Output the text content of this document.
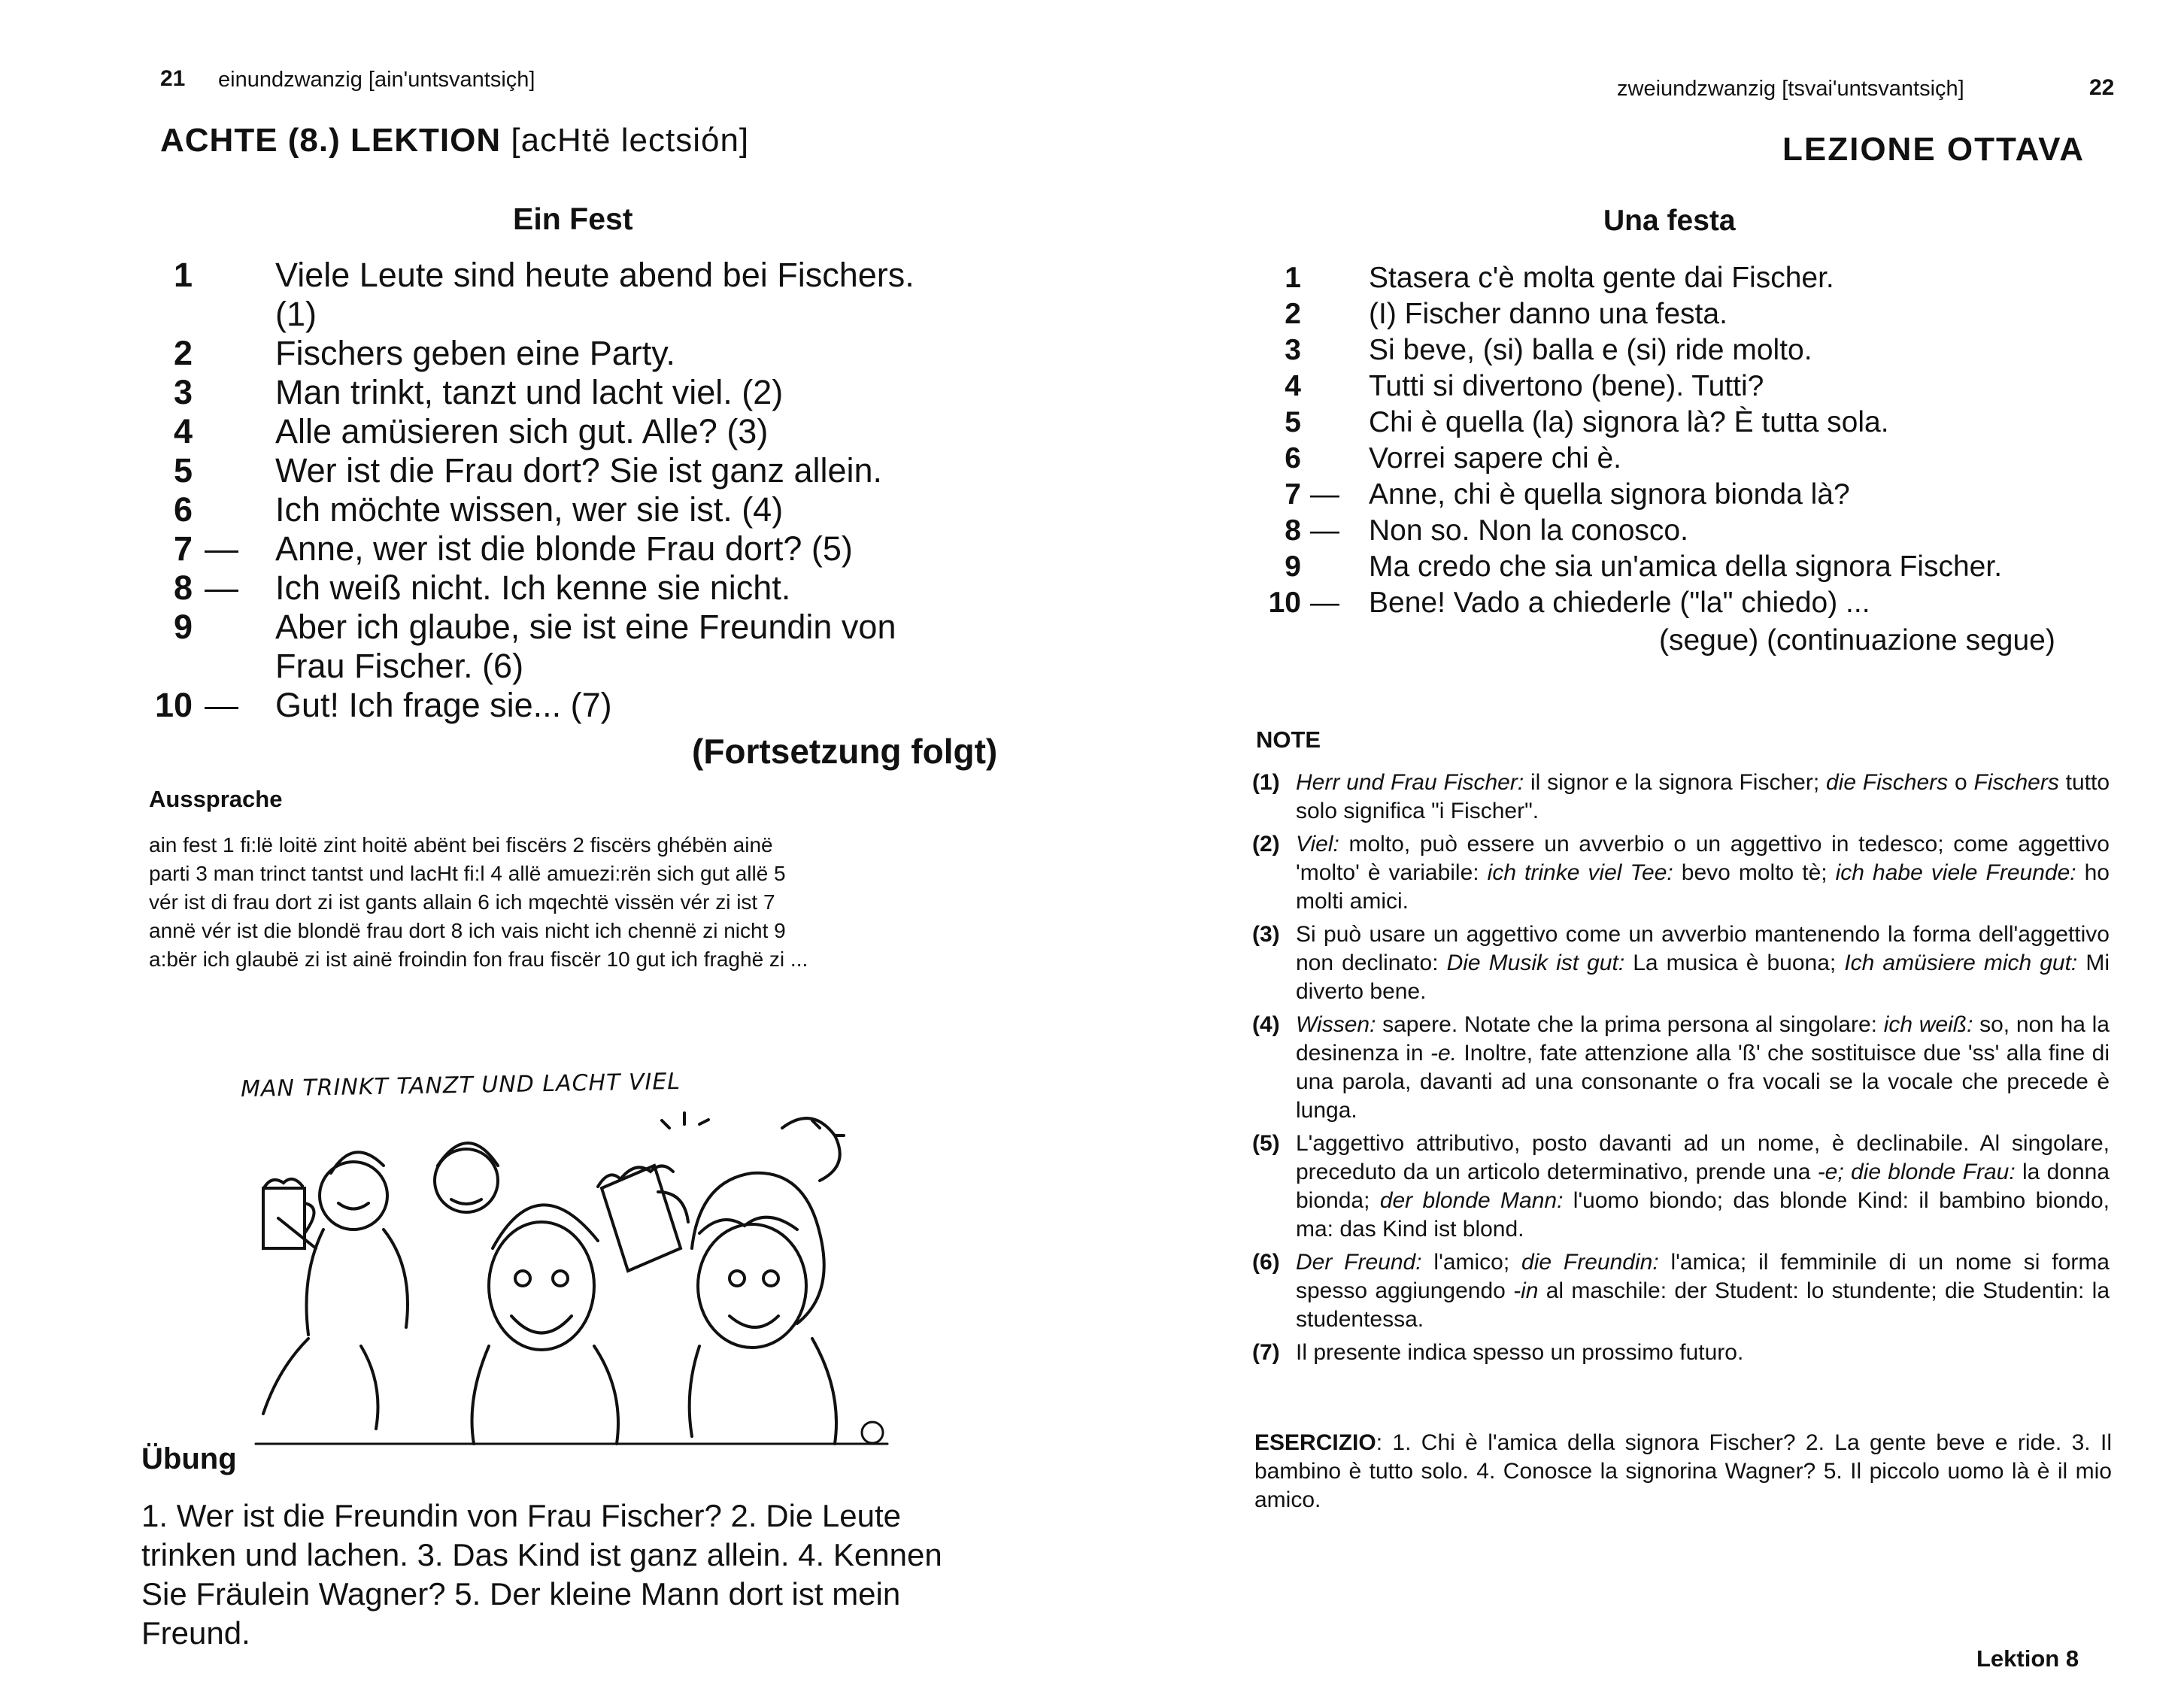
21 einundzwanzig [ain'untsvantsiçh]
ACHTE (8.) LEKTION [acHtë lectsiόn]
Ein Fest
1 Viele Leute sind heute abend bei Fischers.
(1)
2 Fischers geben eine Party.
3 Man trinkt, tanzt und lacht viel. (2)
4 Alle amüsieren sich gut. Alle? (3)
5 Wer ist die Frau dort? Sie ist ganz allein.
6 Ich möchte wissen, wer sie ist. (4)
7 — Anne, wer ist die blonde Frau dort? (5)
8 — Ich weiß nicht. Ich kenne sie nicht.
9 Aber ich glaube, sie ist eine Freundin von
Frau Fischer. (6)
10 — Gut! Ich frage sie... (7)
(Fortsetzung folgt)
Aussprache
ain fest 1 fi:lë loitë zint hoitë abënt bei fiscërs 2 fiscërs ghébën ainë
parti 3 man trinct tantst und lacHt fi:l 4 allë amuezi:rën sich gut allë 5
vér ist di frau dort zi ist gants allain 6 ich mqechtë vissën vér zi ist 7
annë vér ist die blondë frau dort 8 ich vais nicht ich chennë zi nicht 9
a:bër ich glaubë zi ist ainë froindin fon frau fiscër 10 gut ich fraghë zi ...
MAN TRINKT TANZT UND LACHT VIEL
Übung
1. Wer ist die Freundin von Frau Fischer? 2. Die Leute
trinken und lachen. 3. Das Kind ist ganz allein. 4. Kennen
Sie Fräulein Wagner? 5. Der kleine Mann dort ist mein
Freund.
zweiundzwanzig [tsvai'untsvantsiçh]	22
LEZIONE OTTAVA
Una festa
1 Stasera c'è molta gente dai Fischer.
2 (I) Fischer danno una festa.
3 Si beve, (si) balla e (si) ride molto.
4 Tutti si divertono (bene). Tutti?
5 Chi è quella (la) signora là? È tutta sola.
6 Vorrei sapere chi è.
7 — Anne, chi è quella signora bionda là?
8 — Non so. Non la conosco.
9 Ma credo che sia un'amica della signora Fischer.
10 — Bene! Vado a chiederle ("la" chiedo) ...
(segue) (continuazione segue)
NOTE
(1) Herr und Frau Fischer: il signor e la signora Fischer; die Fischers o Fischers tutto solo significa "i Fischer".
(2) Viel: molto, può essere un avverbio o un aggettivo in tedesco; come aggettivo 'molto' è variabile: ich trinke viel Tee: bevo molto tè; ich habe viele Freunde: ho molti amici.
(3) Si può usare un aggettivo come un avverbio mantenendo la forma dell'aggettivo non declinato: Die Musik ist gut: La musica è buona; Ich amüsiere mich gut: Mi diverto bene.
(4) Wissen: sapere. Notate che la prima persona al singolare: ich weiß: so, non ha la desinenza in -e. Inoltre, fate attenzione alla 'ß' che sostituisce due 'ss' alla fine di una parola, davanti ad una consonante o fra vocali se la vocale che precede è lunga.
(5) L'aggettivo attributivo, posto davanti ad un nome, è declinabile. Al singolare, preceduto da un articolo determinativo, prende una -e; die blonde Frau: la donna bionda; der blonde Mann: l'uomo biondo; das blonde Kind: il bambino biondo, ma: das Kind ist blond.
(6) Der Freund: l'amico; die Freundin: l'amica; il femminile di un nome si forma spesso aggiungendo -in al maschile: der Student: lo stundente; die Studentin: la studentessa.
(7) Il presente indica spesso un prossimo futuro.
ESERCIZIO: 1. Chi è l'amica della signora Fischer? 2. La gente beve e ride. 3. Il bambino è tutto solo. 4. Conosce la signorina Wagner? 5. Il piccolo uomo là è il mio amico.
Lektion 8
